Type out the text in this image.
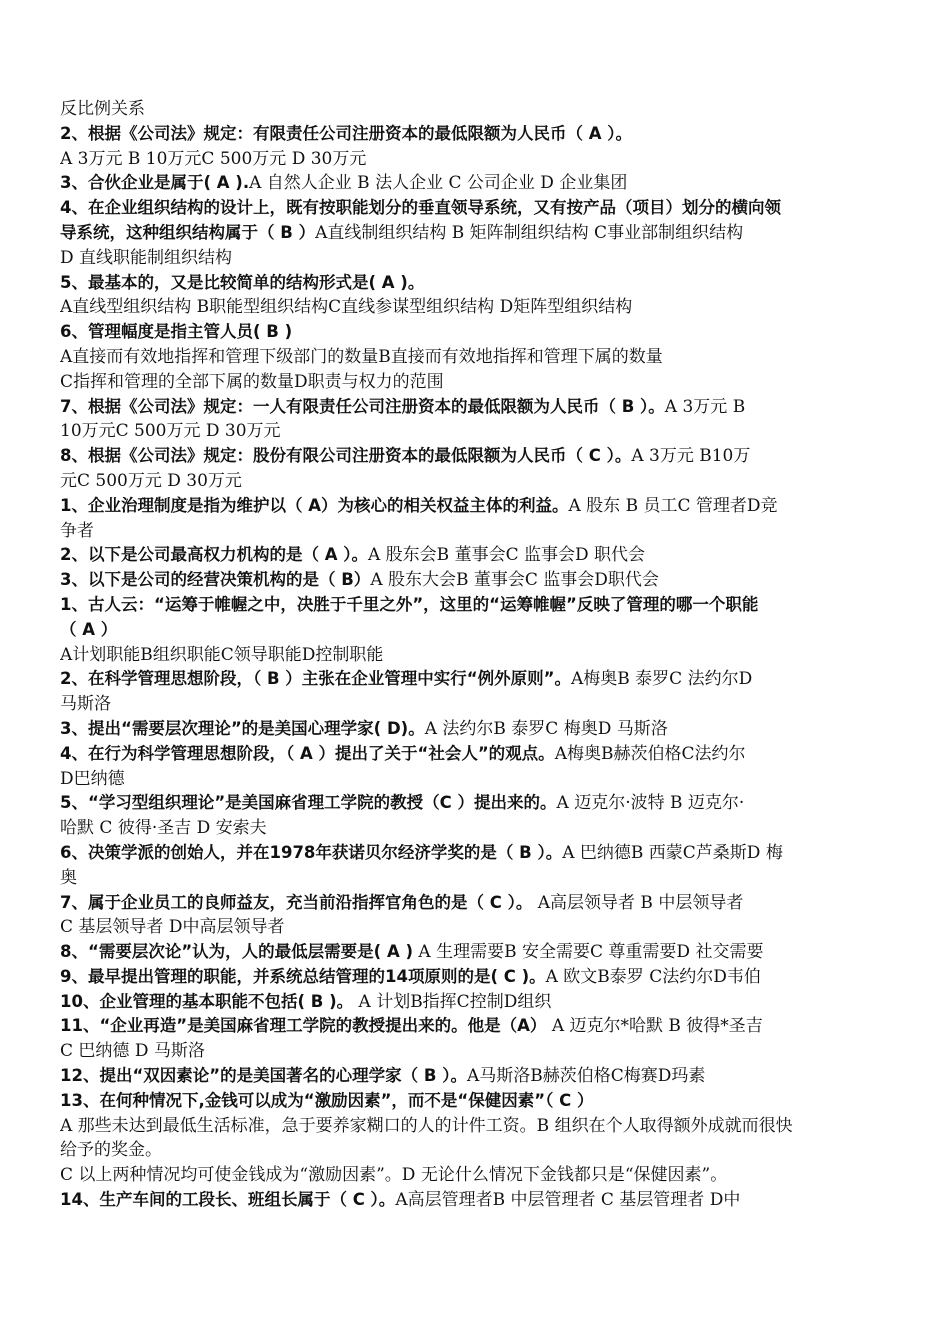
反比例关系
2、根据《公司法》规定：有限责任公司注册资本的最低限额为人民币（ A ）。
A 3万元 B 10万元C 500万元 D 30万元
3、合伙企业是属于( A ).A 自然人企业 B 法人企业 C 公司企业 D 企业集团
4、在企业组织结构的设计上，既有按职能划分的垂直领导系统，又有按产品（项目）划分的横向领
导系统，这种组织结构属于（ B ）A直线制组织结构 B 矩阵制组织结构 C事业部制组织结构
D 直线职能制组织结构
5、最基本的，又是比较简单的结构形式是( A )。
A直线型组织结构 B职能型组织结构C直线参谋型组织结构 D矩阵型组织结构
6、管理幅度是指主管人员( B )
A直接而有效地指挥和管理下级部门的数量B直接而有效地指挥和管理下属的数量
C指挥和管理的全部下属的数量D职责与权力的范围
7、根据《公司法》规定：一人有限责任公司注册资本的最低限额为人民币（ B ）。A 3万元 B
10万元C 500万元 D 30万元
8、根据《公司法》规定：股份有限公司注册资本的最低限额为人民币（ C ）。A 3万元 B10万
元C 500万元 D 30万元
1、企业治理制度是指为维护以（ A）为核心的相关权益主体的利益。A 股东 B 员工C 管理者D竞
争者
2、以下是公司最高权力机构的是（ A ）。A 股东会B 董事会C 监事会D 职代会
3、以下是公司的经营决策机构的是（ B）A 股东大会B 董事会C 监事会D职代会
1、古人云：“运筹于帷幄之中，决胜于千里之外”，这里的“运筹帷幄”反映了管理的哪一个职能
（ A ）
A计划职能B组织职能C领导职能D控制职能
2、在科学管理思想阶段，（ B ）主张在企业管理中实行“例外原则”。A梅奥B 泰罗C 法约尔D
马斯洛
3、提出“需要层次理论”的是美国心理学家( D)。A 法约尔B 泰罗C 梅奥D 马斯洛
4、在行为科学管理思想阶段，（ A ）提出了关于“社会人”的观点。A梅奥B赫茨伯格C法约尔
D巴纳德
5、“学习型组织理论”是美国麻省理工学院的教授（C ）提出来的。A 迈克尔·波特 B 迈克尔·
哈默 C 彼得·圣吉 D 安索夫
6、决策学派的创始人，并在1978年获诺贝尔经济学奖的是（ B ）。A 巴纳德B 西蒙C芦桑斯D 梅
奥
7、属于企业员工的良师益友，充当前沿指挥官角色的是（ C ）。 A高层领导者 B 中层领导者
C 基层领导者 D中高层领导者
8、“需要层次论”认为，人的最低层需要是( A ) A 生理需要B 安全需要C 尊重需要D 社交需要
9、最早提出管理的职能，并系统总结管理的14项原则的是( C )。A 欧文B泰罗 C法约尔D韦伯
10、企业管理的基本职能不包括( B )。 A 计划B指挥C控制D组织
11、“企业再造”是美国麻省理工学院的教授提出来的。他是（A） A 迈克尔*哈默 B 彼得*圣吉
C 巴纳德 D 马斯洛
12、提出“双因素论”的是美国著名的心理学家（ B ）。A马斯洛B赫茨伯格C梅赛D玛素
13、在何种情况下,金钱可以成为“激励因素”，而不是“保健因素”（ C ）
A 那些未达到最低生活标准，急于要养家糊口的人的计件工资。B 组织在个人取得额外成就而很快
给予的奖金。
C 以上两种情况均可使金钱成为“激励因素”。D 无论什么情况下金钱都只是“保健因素”。
14、生产车间的工段长、班组长属于（ C ）。A高层管理者B 中层管理者 C 基层管理者 D中
